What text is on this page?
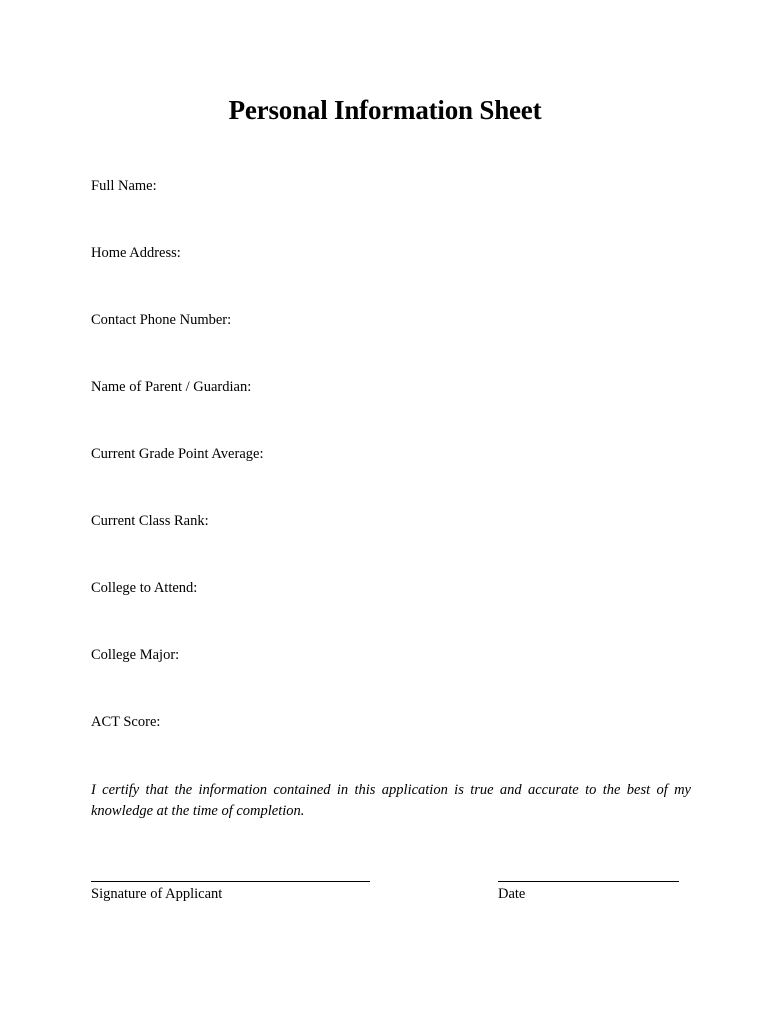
Personal Information Sheet
Full Name:
Home Address:
Contact Phone Number:
Name of Parent / Guardian:
Current Grade Point Average:
Current Class Rank:
College to Attend:
College Major:
ACT Score:
I certify that the information contained in this application is true and accurate to the best of my knowledge at the time of completion.
Signature of Applicant	Date
